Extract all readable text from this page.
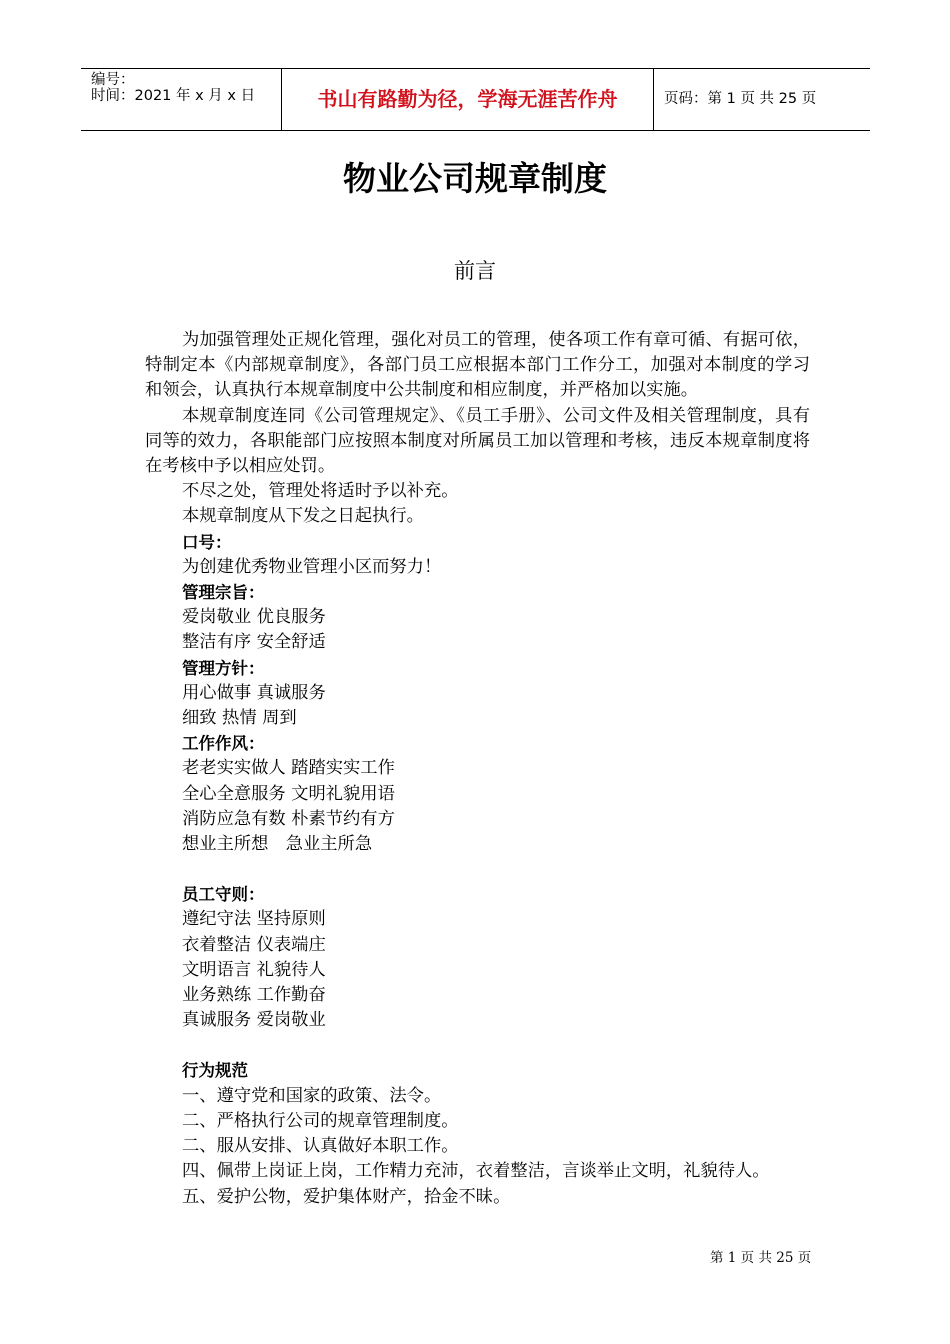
编号：
时间：2021 年 x 月 x 日	书山有路勤为径，学海无涯苦作舟	页码：第 1 页 共 25 页
物业公司规章制度
前言

为加强管理处正规化管理，强化对员工的管理，使各项工作有章可循、有据可依，特制定本《内部规章制度》，各部门员工应根据本部门工作分工，加强对本制度的学习和领会，认真执行本规章制度中公共制度和相应制度，并严格加以实施。

本规章制度连同《公司管理规定》、《员工手册》、公司文件及相关管理制度，具有同等的效力，各职能部门应按照本制度对所属员工加以管理和考核，违反本规章制度将在考核中予以相应处罚。

不尽之处，管理处将适时予以补充。

本规章制度从下发之日起执行。

口号：

为创建优秀物业管理小区而努力！

管理宗旨：

爱岗敬业 优良服务

整洁有序 安全舒适

管理方针：

用心做事 真诚服务

细致 热情 周到

工作作风：

老老实实做人 踏踏实实工作

全心全意服务 文明礼貌用语

消防应急有数 朴素节约有方

想业主所想　急业主所急

员工守则：

遵纪守法 坚持原则

衣着整洁 仪表端庄

文明语言 礼貌待人

业务熟练 工作勤奋

真诚服务 爱岗敬业

行为规范

一、遵守党和国家的政策、法令。

二、严格执行公司的规章管理制度。

二、服从安排、认真做好本职工作。

四、佩带上岗证上岗，工作精力充沛，衣着整洁，言谈举止文明，礼貌待人。

五、爱护公物，爱护集体财产，拾金不昧。

第 1 页 共 25 页
